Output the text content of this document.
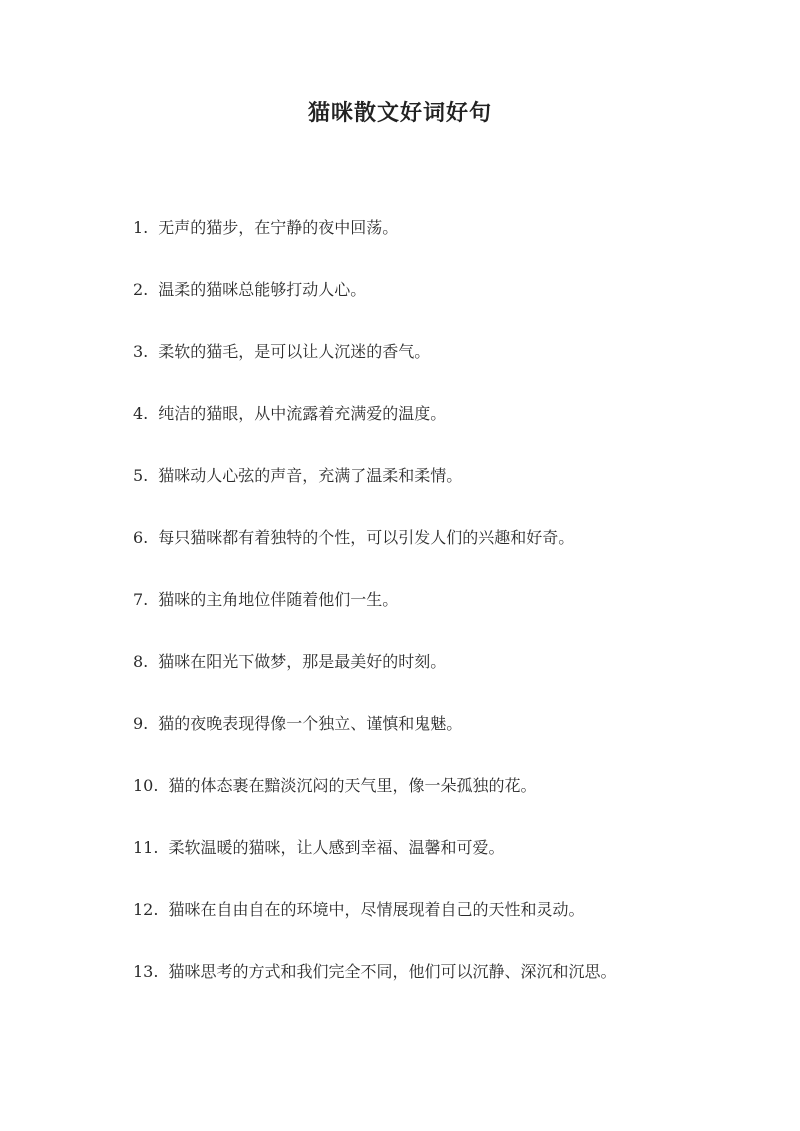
猫咪散文好词好句
1. 无声的猫步，在宁静的夜中回荡。
2. 温柔的猫咪总能够打动人心。
3. 柔软的猫毛，是可以让人沉迷的香气。
4. 纯洁的猫眼，从中流露着充满爱的温度。
5. 猫咪动人心弦的声音，充满了温柔和柔情。
6. 每只猫咪都有着独特的个性，可以引发人们的兴趣和好奇。
7. 猫咪的主角地位伴随着他们一生。
8. 猫咪在阳光下做梦，那是最美好的时刻。
9. 猫的夜晚表现得像一个独立、谨慎和鬼魅。
10. 猫的体态裹在黯淡沉闷的天气里，像一朵孤独的花。
11. 柔软温暖的猫咪，让人感到幸福、温馨和可爱。
12. 猫咪在自由自在的环境中，尽情展现着自己的天性和灵动。
13. 猫咪思考的方式和我们完全不同，他们可以沉静、深沉和沉思。
